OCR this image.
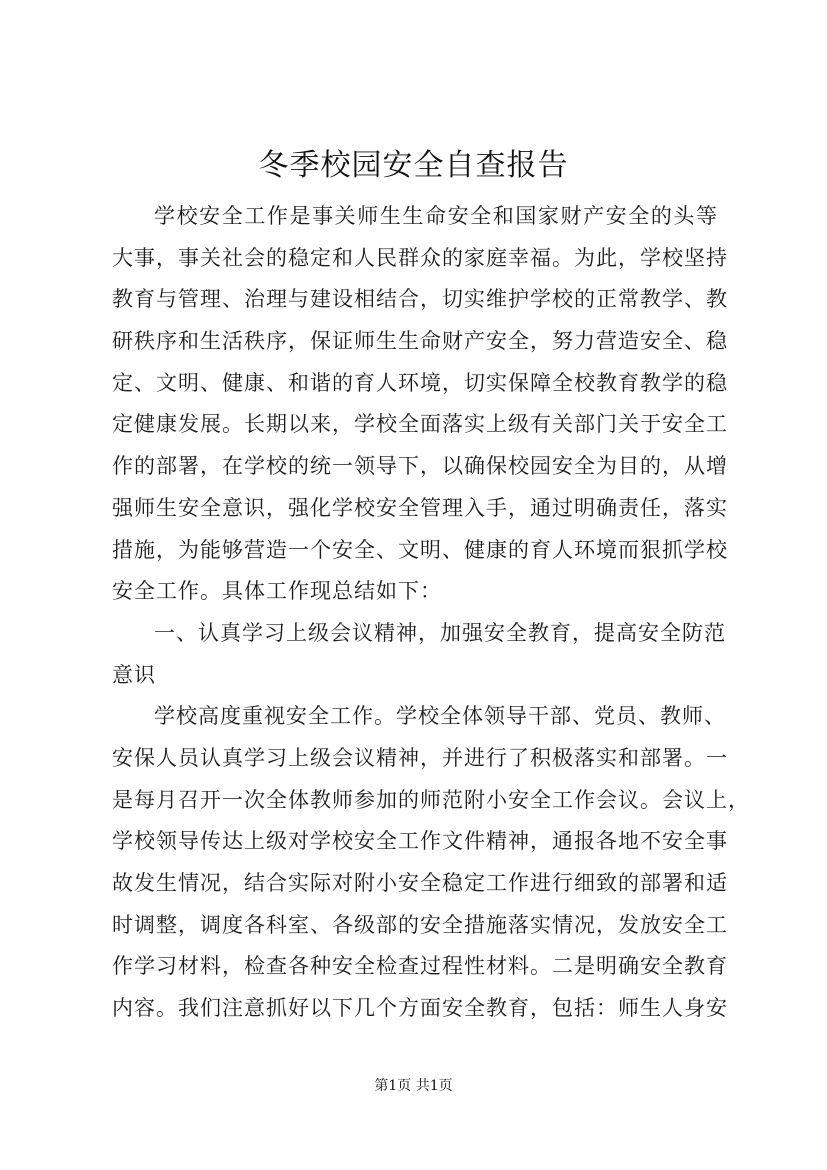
冬季校园安全自查报告
学校安全工作是事关师生生命安全和国家财产安全的头等
大事，事关社会的稳定和人民群众的家庭幸福。为此，学校坚持
教育与管理、治理与建设相结合，切实维护学校的正常教学、教
研秩序和生活秩序，保证师生生命财产安全，努力营造安全、稳
定、文明、健康、和谐的育人环境，切实保障全校教育教学的稳
定健康发展。长期以来，学校全面落实上级有关部门关于安全工
作的部署，在学校的统一领导下，以确保校园安全为目的，从增
强师生安全意识，强化学校安全管理入手，通过明确责任，落实
措施，为能够营造一个安全、文明、健康的育人环境而狠抓学校
安全工作。具体工作现总结如下：
一、认真学习上级会议精神，加强安全教育，提高安全防范
意识
学校高度重视安全工作。学校全体领导干部、党员、教师、
安保人员认真学习上级会议精神，并进行了积极落实和部署。一
是每月召开一次全体教师参加的师范附小安全工作会议。会议上，
学校领导传达上级对学校安全工作文件精神，通报各地不安全事
故发生情况，结合实际对附小安全稳定工作进行细致的部署和适
时调整，调度各科室、各级部的安全措施落实情况，发放安全工
作学习材料，检查各种安全检查过程性材料。二是明确安全教育
内容。我们注意抓好以下几个方面安全教育，包括：师生人身安
第1页 共1页
